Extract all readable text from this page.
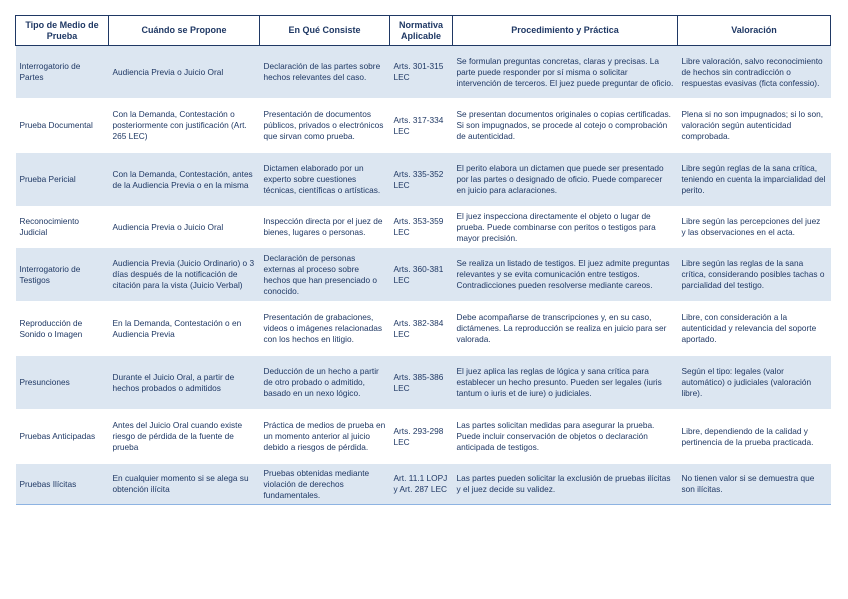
Tipo de Medio de Prueba	Cuándo se Propone	En Qué Consiste	Normativa Aplicable	Procedimiento y Práctica	Valoración
Interrogatorio de Partes	Audiencia Previa o Juicio Oral	Declaración de las partes sobre hechos relevantes del caso.	Arts. 301-315 LEC	Se formulan preguntas concretas, claras y precisas. La parte puede responder por sí misma o solicitar intervención de terceros. El juez puede preguntar de oficio.	Libre valoración, salvo reconocimiento de hechos sin contradicción o respuestas evasivas (ficta confessio).
Prueba Documental	Con la Demanda, Contestación o posteriormente con justificación (Art. 265 LEC)	Presentación de documentos públicos, privados o electrónicos que sirvan como prueba.	Arts. 317-334 LEC	Se presentan documentos originales o copias certificadas. Si son impugnados, se procede al cotejo o comprobación de autenticidad.	Plena si no son impugnados; si lo son, valoración según autenticidad comprobada.
Prueba Pericial	Con la Demanda, Contestación, antes de la Audiencia Previa o en la misma	Dictamen elaborado por un experto sobre cuestiones técnicas, científicas o artísticas.	Arts. 335-352 LEC	El perito elabora un dictamen que puede ser presentado por las partes o designado de oficio. Puede comparecer en juicio para aclaraciones.	Libre según reglas de la sana crítica, teniendo en cuenta la imparcialidad del perito.
Reconocimiento Judicial	Audiencia Previa o Juicio Oral	Inspección directa por el juez de bienes, lugares o personas.	Arts. 353-359 LEC	El juez inspecciona directamente el objeto o lugar de prueba. Puede combinarse con peritos o testigos para mayor precisión.	Libre según las percepciones del juez y las observaciones en el acta.
Interrogatorio de Testigos	Audiencia Previa (Juicio Ordinario) o 3 días después de la notificación de citación para la vista (Juicio Verbal)	Declaración de personas externas al proceso sobre hechos que han presenciado o conocido.	Arts. 360-381 LEC	Se realiza un listado de testigos. El juez admite preguntas relevantes y se evita comunicación entre testigos. Contradicciones pueden resolverse mediante careos.	Libre según las reglas de la sana crítica, considerando posibles tachas o parcialidad del testigo.
Reproducción de Sonido o Imagen	En la Demanda, Contestación o en Audiencia Previa	Presentación de grabaciones, videos o imágenes relacionadas con los hechos en litigio.	Arts. 382-384 LEC	Debe acompañarse de transcripciones y, en su caso, dictámenes. La reproducción se realiza en juicio para ser valorada.	Libre, con consideración a la autenticidad y relevancia del soporte aportado.
Presunciones	Durante el Juicio Oral, a partir de hechos probados o admitidos	Deducción de un hecho a partir de otro probado o admitido, basado en un nexo lógico.	Arts. 385-386 LEC	El juez aplica las reglas de lógica y sana crítica para establecer un hecho presunto. Pueden ser legales (iuris tantum o iuris et de iure) o judiciales.	Según el tipo: legales (valor automático) o judiciales (valoración libre).
Pruebas Anticipadas	Antes del Juicio Oral cuando existe riesgo de pérdida de la fuente de prueba	Práctica de medios de prueba en un momento anterior al juicio debido a riesgos de pérdida.	Arts. 293-298 LEC	Las partes solicitan medidas para asegurar la prueba. Puede incluir conservación de objetos o declaración anticipada de testigos.	Libre, dependiendo de la calidad y pertinencia de la prueba practicada.
Pruebas Ilícitas	En cualquier momento si se alega su obtención ilícita	Pruebas obtenidas mediante violación de derechos fundamentales.	Art. 11.1 LOPJ y Art. 287 LEC	Las partes pueden solicitar la exclusión de pruebas ilícitas y el juez decide su validez.	No tienen valor si se demuestra que son ilícitas.
